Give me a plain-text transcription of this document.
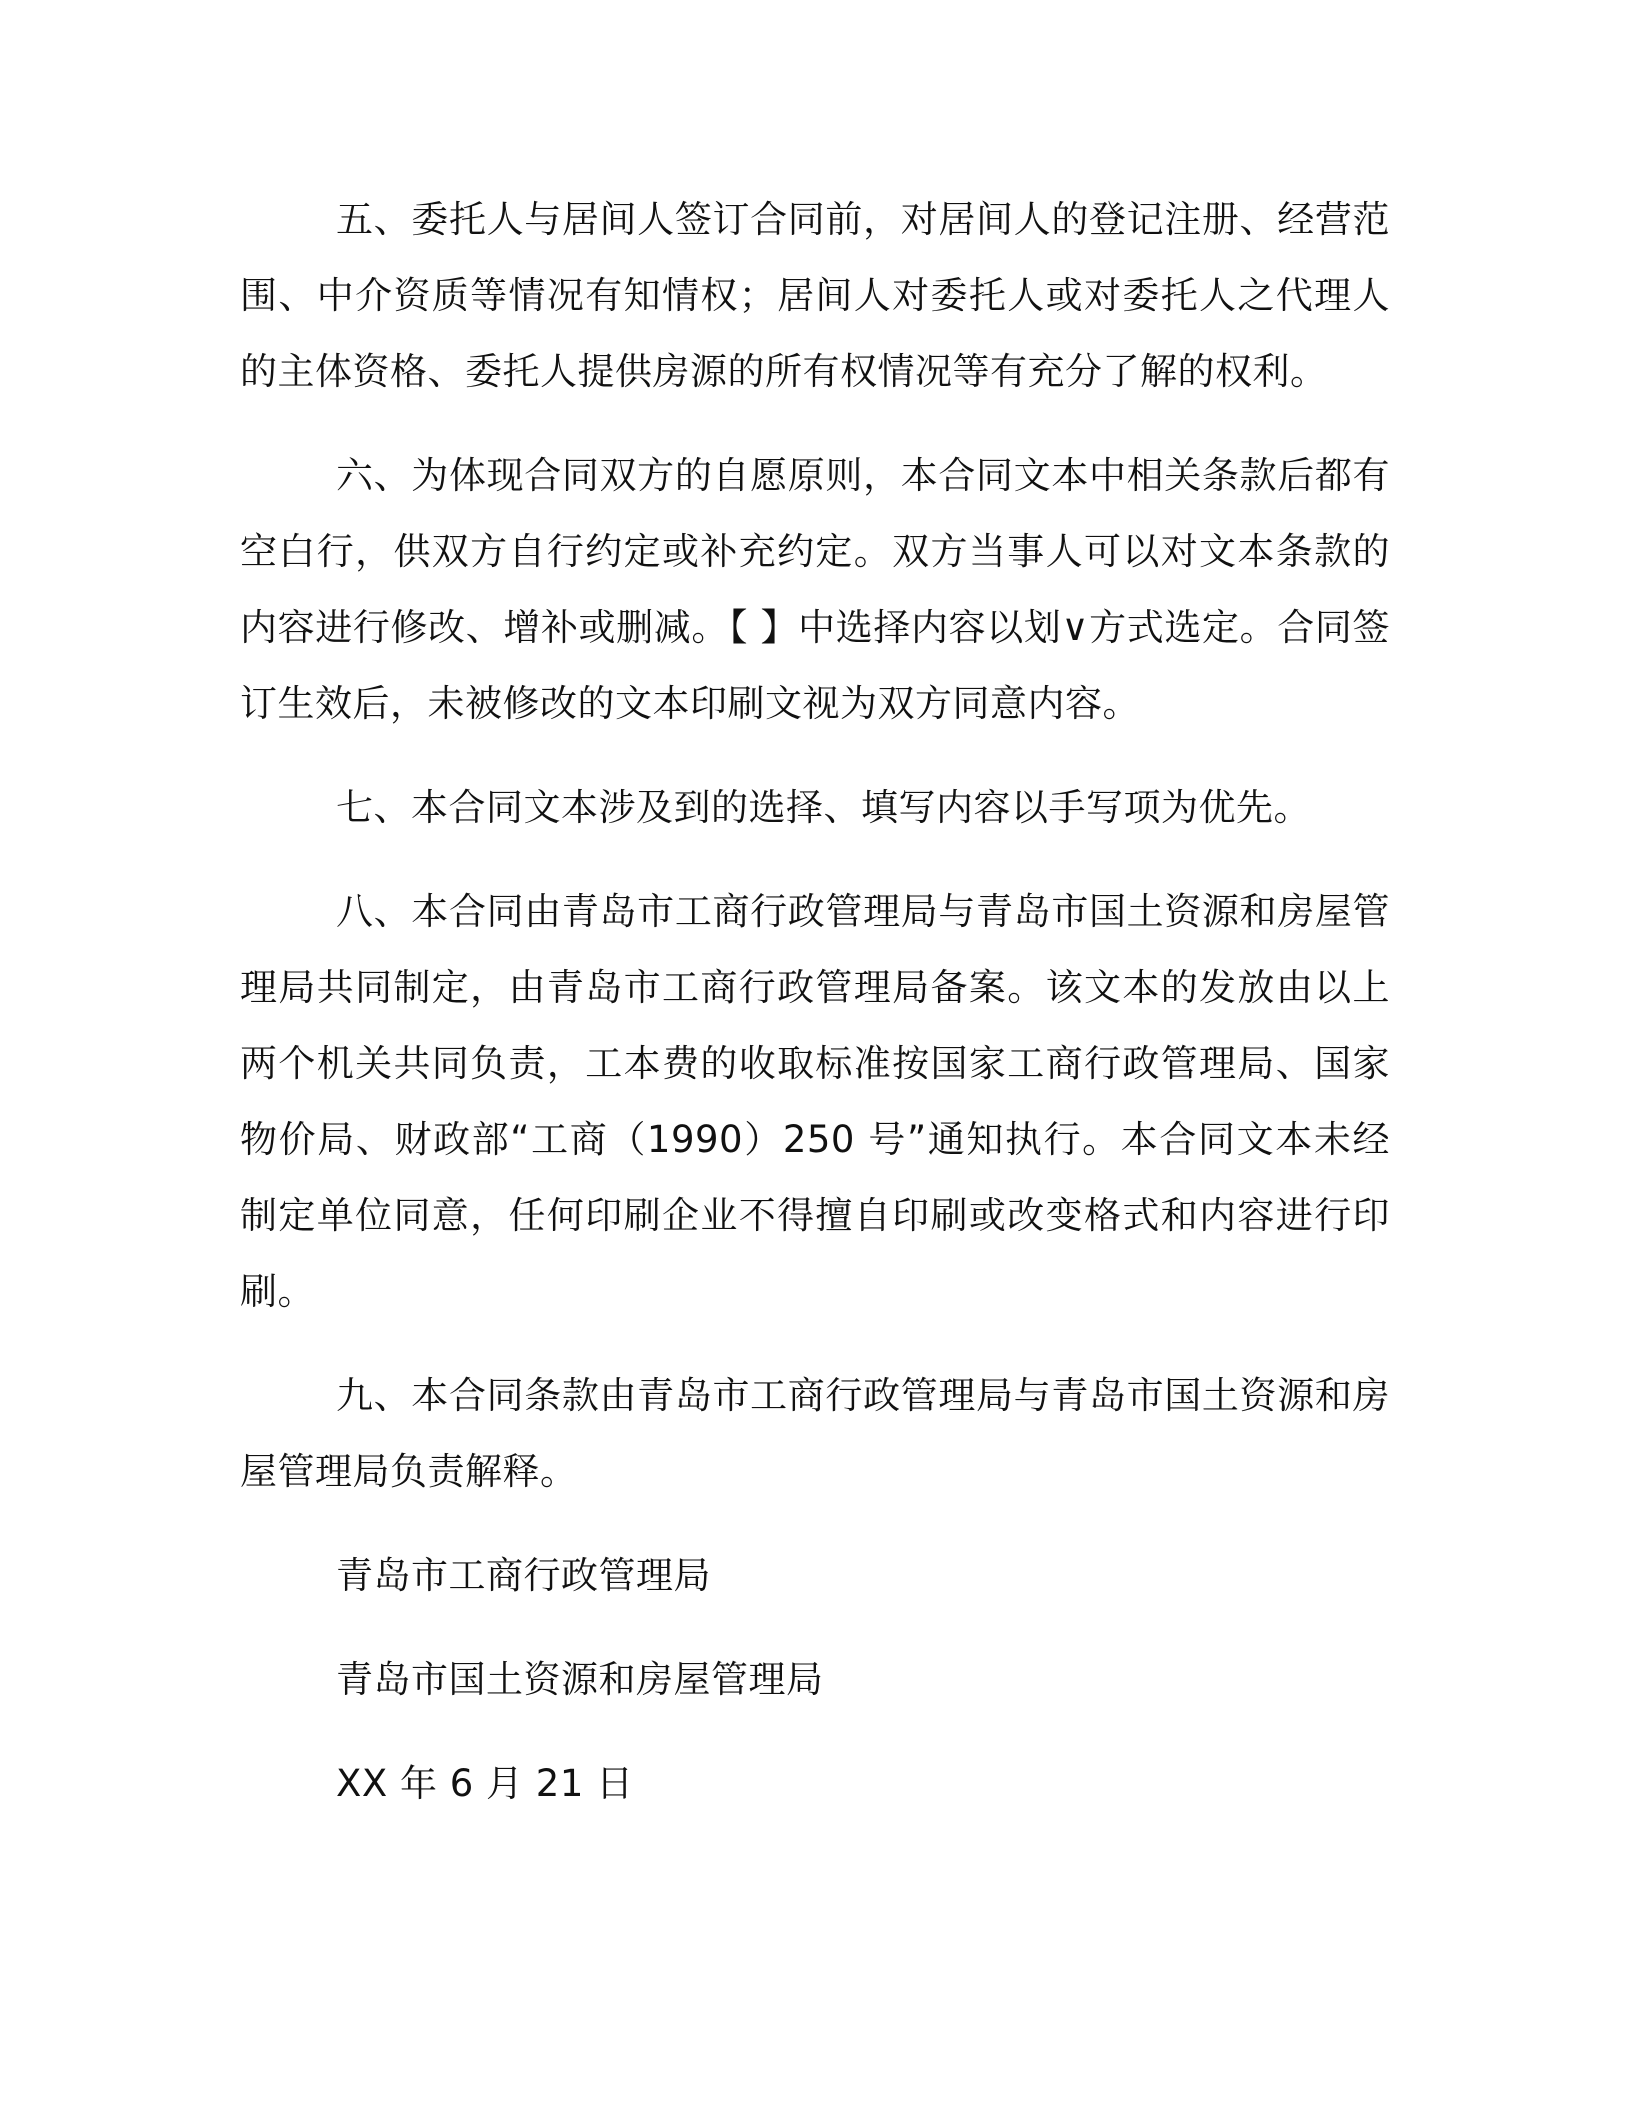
五、委托人与居间人签订合同前，对居间人的登记注册、经营范围、中介资质等情况有知情权；居间人对委托人或对委托人之代理人的主体资格、委托人提供房源的所有权情况等有充分了解的权利。

六、为体现合同双方的自愿原则，本合同文本中相关条款后都有空白行，供双方自行约定或补充约定。双方当事人可以对文本条款的内容进行修改、增补或删减。【 】中选择内容以划∨方式选定。合同签订生效后，未被修改的文本印刷文视为双方同意内容。

七、本合同文本涉及到的选择、填写内容以手写项为优先。

八、本合同由青岛市工商行政管理局与青岛市国土资源和房屋管理局共同制定，由青岛市工商行政管理局备案。该文本的发放由以上两个机关共同负责，工本费的收取标准按国家工商行政管理局、国家物价局、财政部“工商（1990）250 号”通知执行。本合同文本未经制定单位同意，任何印刷企业不得擅自印刷或改变格式和内容进行印刷。

九、本合同条款由青岛市工商行政管理局与青岛市国土资源和房屋管理局负责解释。

青岛市工商行政管理局

青岛市国土资源和房屋管理局

XX 年 6 月 21 日
